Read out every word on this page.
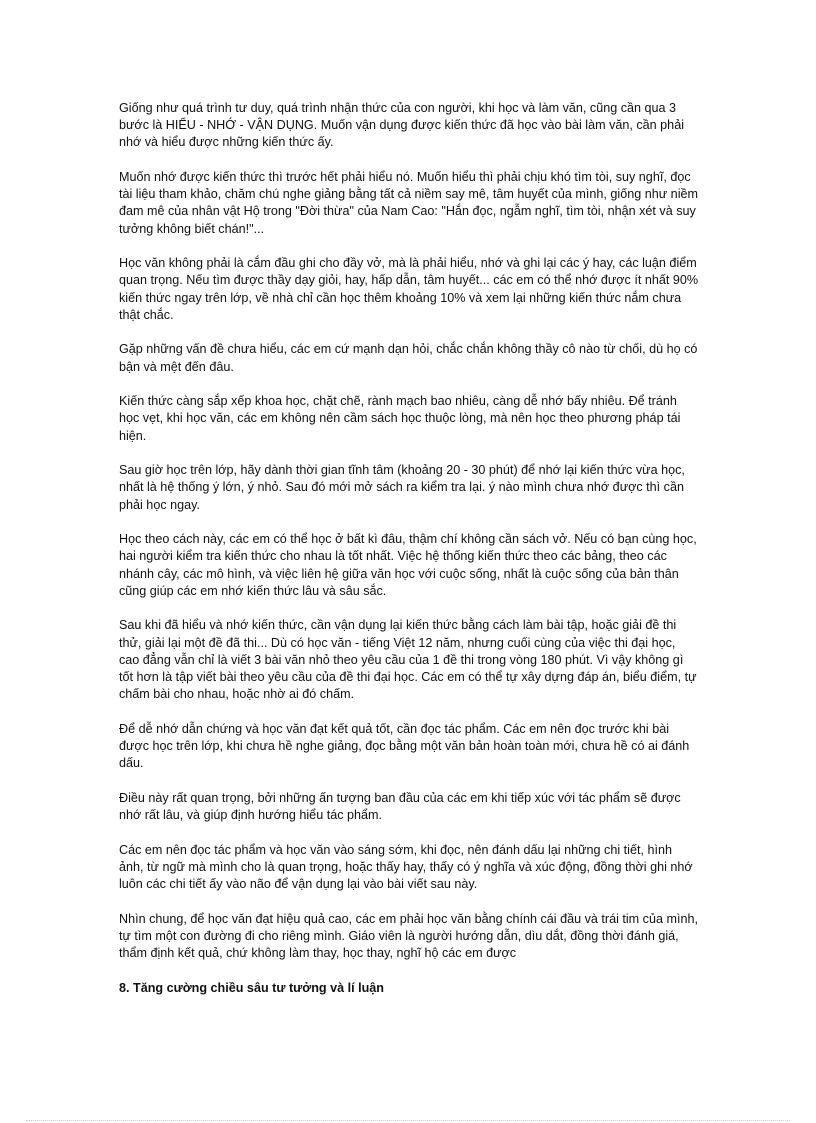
Giống như quá trình tư duy, quá trình nhận thức của con người, khi học và làm văn, cũng cần qua 3 bước là HIỂU - NHỚ - VẬN DỤNG. Muốn vận dụng được kiến thức đã học vào bài làm văn, cần phải nhớ và hiểu được những kiến thức ấy.

Muốn nhớ được kiến thức thì trước hết phải hiểu nó. Muốn hiểu thì phải chịu khó tìm tòi, suy nghĩ, đọc tài liệu tham khảo, chăm chú nghe giảng bằng tất cả niềm say mê, tâm huyết của mình, giống như niềm đam mê của nhân vật Hộ trong "Đời thừa" của Nam Cao: "Hắn đọc, ngẫm nghĩ, tìm tòi, nhận xét và suy tưởng không biết chán!"...

Học văn không phải là cắm đầu ghi cho đầy vở, mà là phải hiểu, nhớ và ghi lại các ý hay, các luận điểm quan trọng. Nếu tìm được thầy dạy giỏi, hay, hấp dẫn, tâm huyết... các em có thể nhớ được ít nhất 90% kiến thức ngay trên lớp, về nhà chỉ cần học thêm khoảng 10% và xem lại những kiến thức nắm chưa thật chắc.

Gặp những vấn đề chưa hiểu, các em cứ mạnh dạn hỏi, chắc chắn không thầy cô nào từ chối, dù họ có bận và mệt đến đâu.

Kiến thức càng sắp xếp khoa học, chặt chẽ, rành mạch bao nhiêu, càng dễ nhớ bấy nhiêu. Để tránh học vẹt, khi học văn, các em không nên cầm sách học thuộc lòng, mà nên học theo phương pháp tái hiện.

Sau giờ học trên lớp, hãy dành thời gian tĩnh tâm (khoảng 20 - 30 phút) để nhớ lại kiến thức vừa học, nhất là hệ thống ý lớn, ý nhỏ. Sau đó mới mở sách ra kiểm tra lại. ý nào mình chưa nhớ được thì cần phải học ngay.

Học theo cách này, các em có thể học ở bất kì đâu, thậm chí không cần sách vở. Nếu có bạn cùng học, hai người kiểm tra kiến thức cho nhau là tốt nhất. Việc hệ thống kiến thức theo các bảng, theo các nhánh cây, các mô hình, và việc liên hệ giữa văn học với cuộc sống, nhất là cuộc sống của bản thân cũng giúp các em nhớ kiến thức lâu và sâu sắc.

Sau khi đã hiểu và nhớ kiến thức, cần vận dụng lại kiến thức bằng cách làm bài tập, hoặc giải đề thi thử, giải lại một đề đã thi... Dù có học văn - tiếng Việt 12 năm, nhưng cuối cùng của việc thi đại học, cao đẳng vẫn chỉ là viết 3 bài văn nhỏ theo yêu cầu của 1 đề thi trong vòng 180 phút. Vì vậy không gì tốt hơn là tập viết bài theo yêu cầu của đề thi đại học. Các em có thể tự xây dựng đáp án, biểu điểm, tự chấm bài cho nhau, hoặc nhờ ai đó chấm.

Để dễ nhớ dẫn chứng và học văn đạt kết quả tốt, cần đọc tác phẩm. Các em nên đọc trước khi bài được học trên lớp, khi chưa hề nghe giảng, đọc bằng một văn bản hoàn toàn mới, chưa hề có ai đánh dấu.

Điều này rất quan trọng, bởi những ấn tượng ban đầu của các em khi tiếp xúc với tác phẩm sẽ được nhớ rất lâu, và giúp định hướng hiểu tác phẩm.

Các em nên đọc tác phẩm và học văn vào sáng sớm, khi đọc, nên đánh dấu lại những chi tiết, hình ảnh, từ ngữ mà mình cho là quan trọng, hoặc thấy hay, thấy có ý nghĩa và xúc động, đồng thời ghi nhớ luôn các chi tiết ấy vào não để vận dụng lại vào bài viết sau này.

Nhìn chung, để học văn đạt hiệu quả cao, các em phải học văn bằng chính cái đầu và trái tim của mình, tự tìm một con đường đi cho riêng mình. Giáo viên là người hướng dẫn, dìu dắt, đồng thời đánh giá, thẩm định kết quả, chứ không làm thay, học thay, nghĩ hộ các em được

8. Tăng cường chiều sâu tư tưởng và lí luận
